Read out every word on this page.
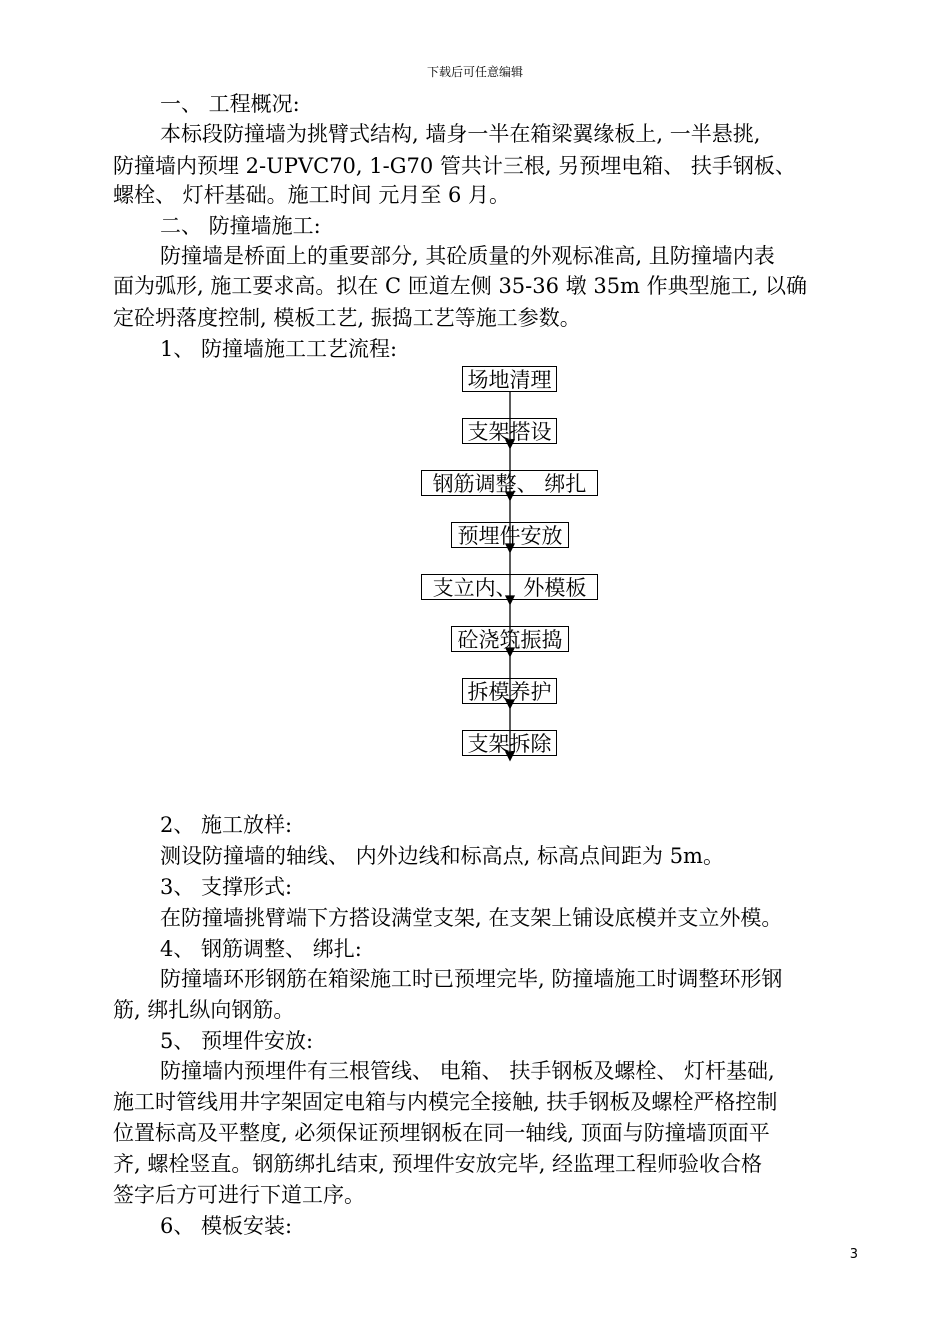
下载后可任意编辑
一、 工程概况:
本标段防撞墙为挑臂式结构, 墙身一半在箱梁翼缘板上, 一半悬挑,
防撞墙内预埋 2-UPVC70, 1-G70 管共计三根, 另预埋电箱、 扶手钢板、
螺栓、 灯杆基础。施工时间 元月至 6 月。
二、 防撞墙施工:
防撞墙是桥面上的重要部分, 其砼质量的外观标准高, 且防撞墙内表
面为弧形, 施工要求高。拟在 C 匝道左侧 35-36 墩 35m 作典型施工, 以确
定砼坍落度控制, 模板工艺, 振捣工艺等施工参数。
1、 防撞墙施工工艺流程:
场地清理
支架搭设
钢筋调整、 绑扎
预埋件安放
支立内、 外模板
砼浇筑振捣
拆模养护
支架拆除
2、 施工放样:
测设防撞墙的轴线、 内外边线和标高点, 标高点间距为 5m。
3、 支撑形式:
在防撞墙挑臂端下方搭设满堂支架, 在支架上铺设底模并支立外模。
4、 钢筋调整、 绑扎:
防撞墙环形钢筋在箱梁施工时已预埋完毕, 防撞墙施工时调整环形钢
筋, 绑扎纵向钢筋。
5、 预埋件安放:
防撞墙内预埋件有三根管线、 电箱、 扶手钢板及螺栓、 灯杆基础,
施工时管线用井字架固定电箱与内模完全接触, 扶手钢板及螺栓严格控制
位置标高及平整度, 必须保证预埋钢板在同一轴线, 顶面与防撞墙顶面平
齐, 螺栓竖直。钢筋绑扎结束, 预埋件安放完毕, 经监理工程师验收合格
签字后方可进行下道工序。
6、 模板安装:
3
